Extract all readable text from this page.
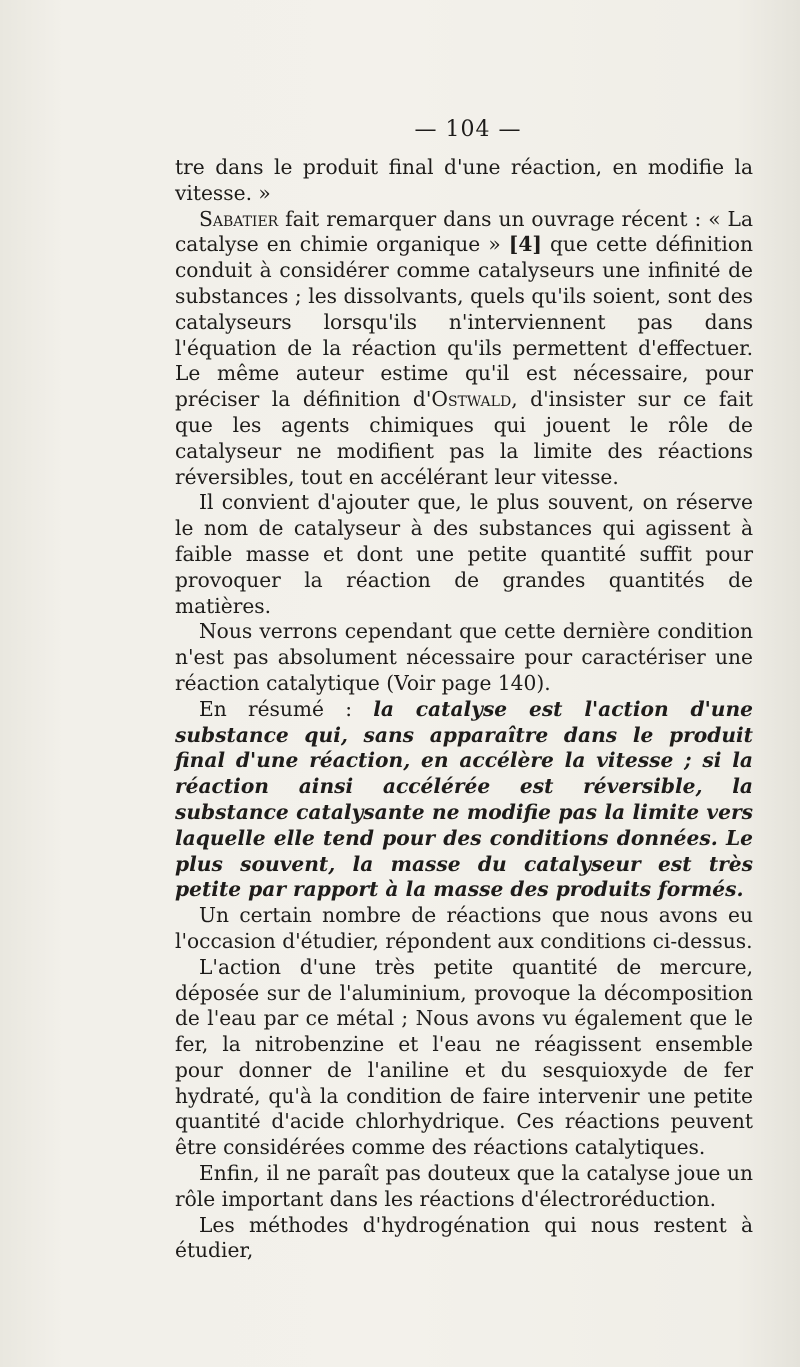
— 104 —

tre dans le produit final d'une réaction, en modifie la vitesse. »

Sabatier fait remarquer dans un ouvrage récent : « La catalyse en chimie organique » [4] que cette définition conduit à considérer comme catalyseurs une infinité de substances ; les dissolvants, quels qu'ils soient, sont des catalyseurs lorsqu'ils n'interviennent pas dans l'équation de la réaction qu'ils permettent d'effectuer. Le même auteur estime qu'il est nécessaire, pour préciser la définition d'Ostwald, d'insister sur ce fait que les agents chimiques qui jouent le rôle de catalyseur ne modifient pas la limite des réactions réversibles, tout en accélérant leur vitesse.

Il convient d'ajouter que, le plus souvent, on réserve le nom de catalyseur à des substances qui agissent à faible masse et dont une petite quantité suffit pour provoquer la réaction de grandes quantités de matières.

Nous verrons cependant que cette dernière condition n'est pas absolument nécessaire pour caractériser une réaction catalytique (Voir page 140).

En résumé : la catalyse est l'action d'une substance qui, sans apparaître dans le produit final d'une réaction, en accélère la vitesse ; si la réaction ainsi accélérée est réversible, la substance catalysante ne modifie pas la limite vers laquelle elle tend pour des conditions données. Le plus souvent, la masse du catalyseur est très petite par rapport à la masse des produits formés.

Un certain nombre de réactions que nous avons eu l'occasion d'étudier, répondent aux conditions ci-dessus.

L'action d'une très petite quantité de mercure, déposée sur de l'aluminium, provoque la décomposition de l'eau par ce métal ; Nous avons vu également que le fer, la nitrobenzine et l'eau ne réagissent ensemble pour donner de l'aniline et du sesquioxyde de fer hydraté, qu'à la condition de faire intervenir une petite quantité d'acide chlorhydrique. Ces réactions peuvent être considérées comme des réactions catalytiques.

Enfin, il ne paraît pas douteux que la catalyse joue un rôle important dans les réactions d'électroréduction.

Les méthodes d'hydrogénation qui nous restent à étudier,
